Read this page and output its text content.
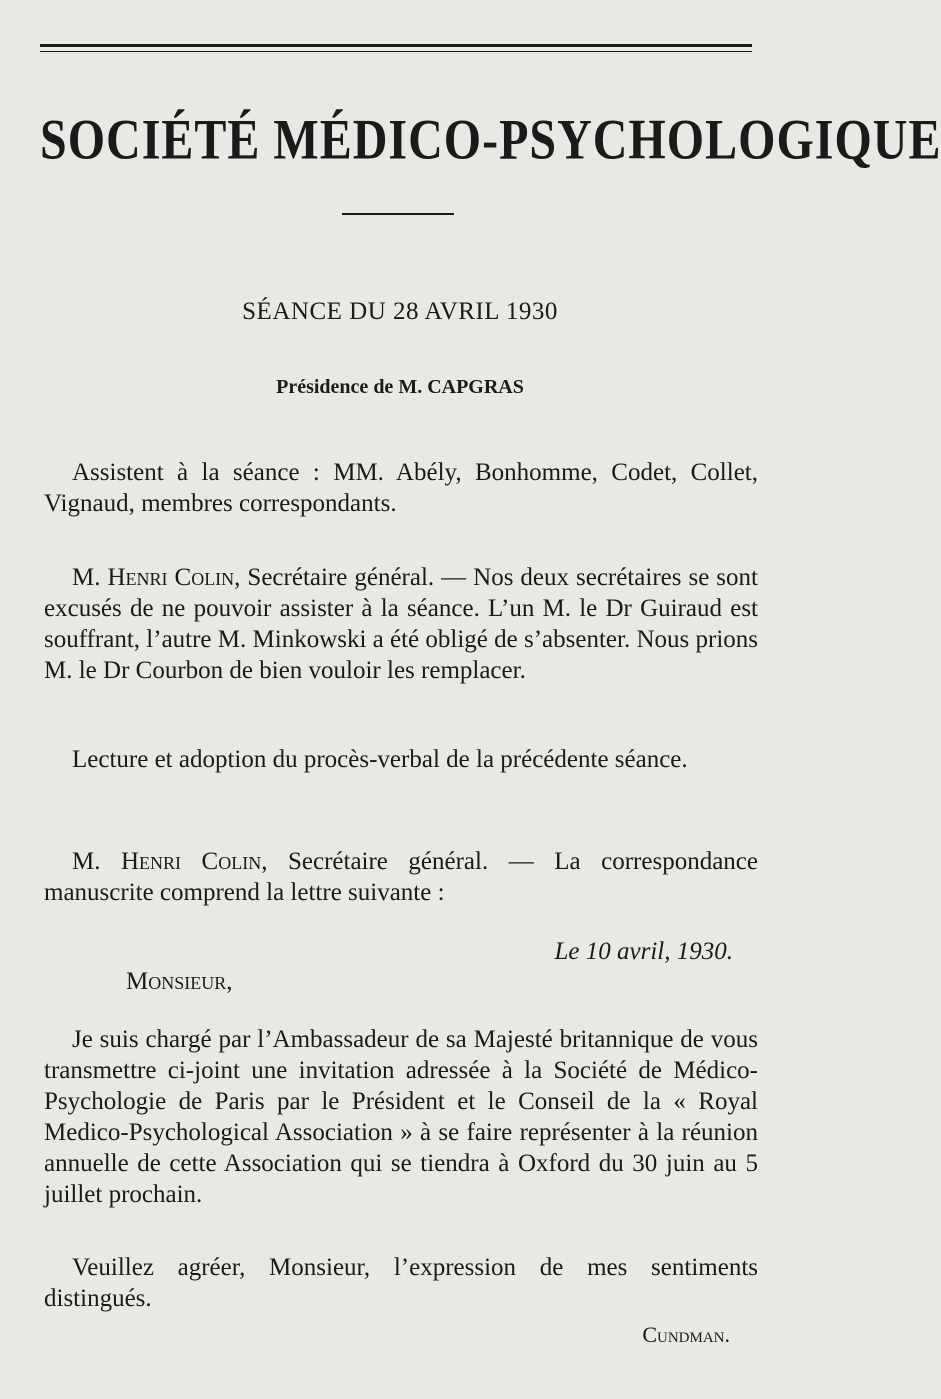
SOCIÉTÉ MÉDICO-PSYCHOLOGIQUE
SÉANCE DU 28 AVRIL 1930
Présidence de M. CAPGRAS

Assistent à la séance : MM. Abély, Bonhomme, Codet, Collet, Vignaud, membres correspondants.

M. Henri Colin, Secrétaire général. — Nos deux secrétaires se sont excusés de ne pouvoir assister à la séance. L’un M. le Dr Guiraud est souffrant, l’autre M. Minkowski a été obligé de s’absenter. Nous prions M. le Dr Courbon de bien vouloir les remplacer.

Lecture et adoption du procès-verbal de la précédente séance.

M. Henri Colin, Secrétaire général. — La correspondance manuscrite comprend la lettre suivante :

Le 10 avril, 1930.
Monsieur,

Je suis chargé par l’Ambassadeur de sa Majesté britannique de vous transmettre ci-joint une invitation adressée à la Société de Médico-Psychologie de Paris par le Président et le Conseil de la « Royal Medico-Psychological Association » à se faire représenter à la réunion annuelle de cette Association qui se tiendra à Oxford du 30 juin au 5 juillet prochain.

Veuillez agréer, Monsieur, l’expression de mes sentiments distingués.

Cundman.
